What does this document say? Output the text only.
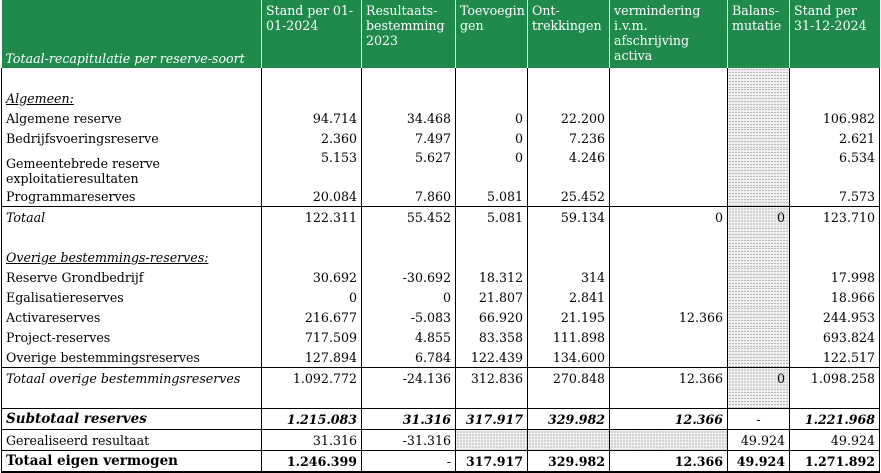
Totaal-recapitulatie per reserve-soort	Stand per 01-01-2024	Resultaats-bestemming 2023	Toevoegin gen	Ont-trekkingen	vermindering i.v.m. afschrijving activa	Balans-mutatie	Stand per 31-12-2024

Algemeen:							
Algemene reserve	94.714	34.468	0	22.200			106.982
Bedrijfsvoeringsreserve	2.360	7.497	0	7.236			2.621
Gemeentebrede reserve exploitatieresultaten	5.153	5.627	0	4.246			6.534
Programmareserves	20.084	7.860	5.081	25.452			7.573
Totaal	122.311	55.452	5.081	59.134	0	0	123.710

Overige bestemmings-reserves:							
Reserve Grondbedrijf	30.692	-30.692	18.312	314			17.998
Egalisatiereserves	0	0	21.807	2.841			18.966
Activareserves	216.677	-5.083	66.920	21.195	12.366		244.953
Project-reserves	717.509	4.855	83.358	111.898			693.824
Overige bestemmingsreserves	127.894	6.784	122.439	134.600			122.517
Totaal overige bestemmingsreserves	1.092.772	-24.136	312.836	270.848	12.366	0	1.098.258

Subtotaal reserves	1.215.083	31.316	317.917	329.982	12.366	-	1.221.968
Gerealiseerd resultaat	31.316	-31.316				49.924	49.924
Totaal eigen vermogen	1.246.399	-	317.917	329.982	12.366	49.924	1.271.892
